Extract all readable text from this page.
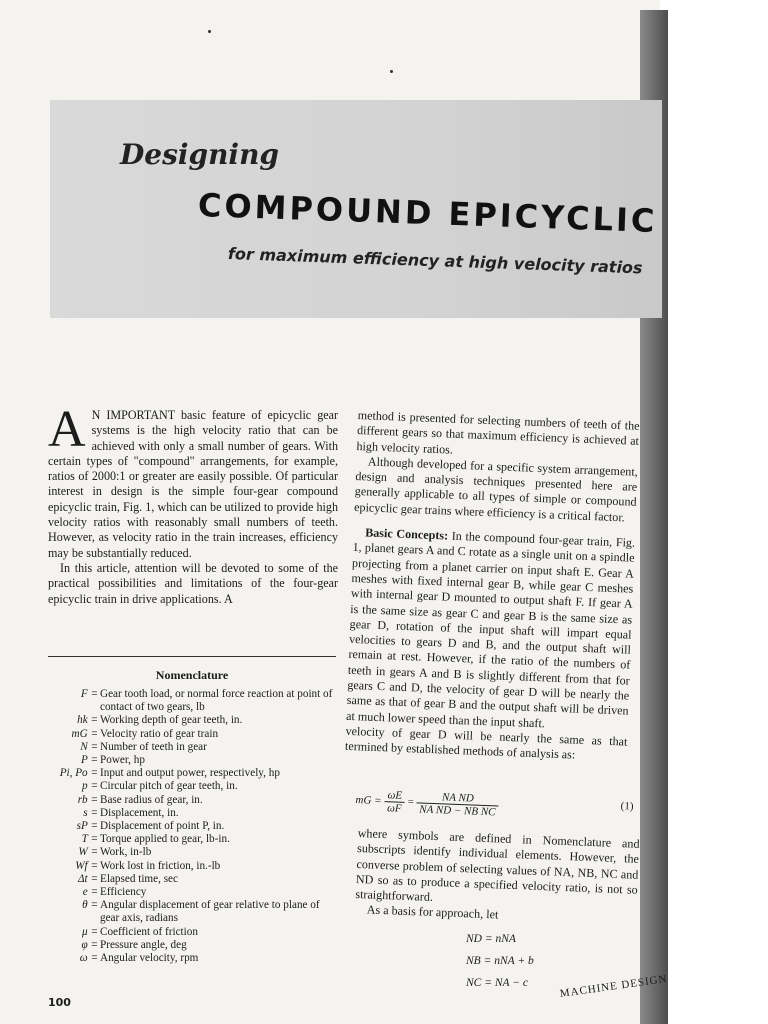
Designing
COMPOUND EPICYCLIC
for maximum efficiency at high velocity ratios

A N IMPORTANT basic feature of epicyclic gear systems is the high velocity ratio that can be achieved with only a small number of gears. With certain types of "compound" arrangements, for example, ratios of 2000:1 or greater are easily possible. Of particular interest in design is the simple four-gear compound epicyclic train, Fig. 1, which can be utilized to provide high velocity ratios with reasonably small numbers of teeth. However, as velocity ratio in the train increases, efficiency may be substantially reduced.

In this article, attention will be devoted to some of the practical possibilities and limitations of the four-gear epicyclic train in drive applications. A

Nomenclature
F = Gear tooth load, or normal force reaction at point of contact of two gears, lb
hk = Working depth of gear teeth, in.
mG = Velocity ratio of gear train
N = Number of teeth in gear
P = Power, hp
Pi, Po = Input and output power, respectively, hp
p = Circular pitch of gear teeth, in.
rb = Base radius of gear, in.
s = Displacement, in.
sP = Displacement of point P, in.
T = Torque applied to gear, lb-in.
W = Work, in-lb
Wf = Work lost in friction, in.-lb
Δt = Elapsed time, sec
e = Efficiency
θ = Angular displacement of gear relative to plane of gear axis, radians
μ = Coefficient of friction
φ = Pressure angle, deg
ω = Angular velocity, rpm

method is presented for selecting numbers of teeth of the different gears so that maximum efficiency is achieved at high velocity ratios.

Although developed for a specific system arrangement, design and analysis techniques presented here are generally applicable to all types of simple or compound epicyclic gear trains where efficiency is a critical factor.

Basic Concepts: In the compound four-gear train, Fig. 1, planet gears A and C rotate as a single unit on a spindle projecting from a planet carrier on input shaft E. Gear A meshes with fixed internal gear B, while gear C meshes with internal gear D mounted to output shaft F. If gear A is the same size as gear C and gear B is the same size as gear D, rotation of the input shaft will impart equal velocities to gears D and B, and the output shaft will remain at rest. However, if the ratio of the numbers of teeth in gears A and B is slightly different from that for gears C and D, the velocity of gear D will be nearly the same as that of gear B and the output shaft will be driven at much lower speed than the input shaft.

velocity of gear D will be nearly the same as that termined by established methods of analysis as:

mG = $\frac{\omega E}{\omega F} = \frac{\text{NA ND}}{\text{NA ND − NB NC}}$	(1)

where symbols are defined in Nomenclature and subscripts identify individual elements. However, the converse problem of selecting values of NA, NB, NC and ND so as to produce a specified velocity ratio, is not so straightforward.

As a basis for approach, let

ND = nNA
NB = nNA + b
NC = NA − c
100
MACHINE DESIGN
